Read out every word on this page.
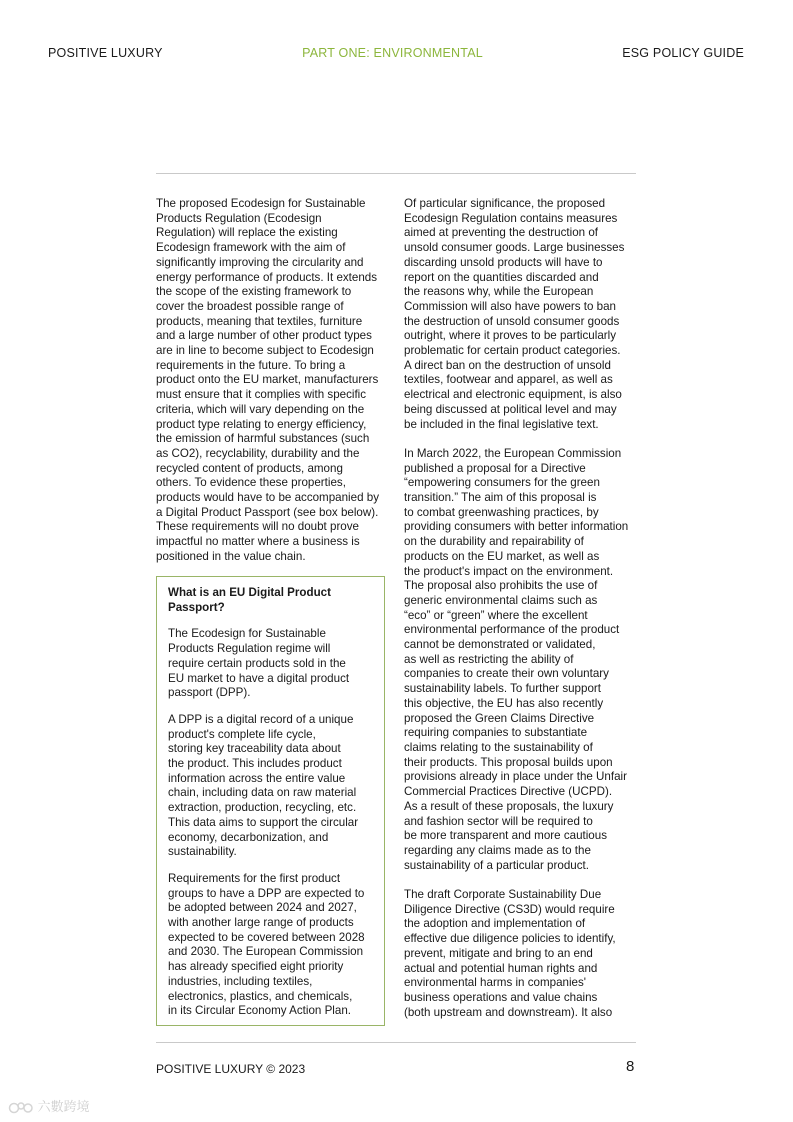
POSITIVE LUXURY	PART ONE: ENVIRONMENTAL	ESG POLICY GUIDE

The proposed Ecodesign for Sustainable
Products Regulation (Ecodesign
Regulation) will replace the existing
Ecodesign framework with the aim of
significantly improving the circularity and
energy performance of products. It extends
the scope of the existing framework to
cover the broadest possible range of
products, meaning that textiles, furniture
and a large number of other product types
are in line to become subject to Ecodesign
requirements in the future. To bring a
product onto the EU market, manufacturers
must ensure that it complies with specific
criteria, which will vary depending on the
product type relating to energy efficiency,
the emission of harmful substances (such
as CO2), recyclability, durability and the
recycled content of products, among
others. To evidence these properties,
products would have to be accompanied by
a Digital Product Passport (see box below).
These requirements will no doubt prove
impactful no matter where a business is
positioned in the value chain.

What is an EU Digital Product
Passport?

The Ecodesign for Sustainable
Products Regulation regime will
require certain products sold in the
EU market to have a digital product
passport (DPP).

A DPP is a digital record of a unique
product's complete life cycle,
storing key traceability data about
the product. This includes product
information across the entire value
chain, including data on raw material
extraction, production, recycling, etc.
This data aims to support the circular
economy, decarbonization, and
sustainability.

Requirements for the first product
groups to have a DPP are expected to
be adopted between 2024 and 2027,
with another large range of products
expected to be covered between 2028
and 2030. The European Commission
has already specified eight priority
industries, including textiles,
electronics, plastics, and chemicals,
in its Circular Economy Action Plan.

Of particular significance, the proposed
Ecodesign Regulation contains measures
aimed at preventing the destruction of
unsold consumer goods. Large businesses
discarding unsold products will have to
report on the quantities discarded and
the reasons why, while the European
Commission will also have powers to ban
the destruction of unsold consumer goods
outright, where it proves to be particularly
problematic for certain product categories.
A direct ban on the destruction of unsold
textiles, footwear and apparel, as well as
electrical and electronic equipment, is also
being discussed at political level and may
be included in the final legislative text.

In March 2022, the European Commission
published a proposal for a Directive
“empowering consumers for the green
transition.” The aim of this proposal is
to combat greenwashing practices, by
providing consumers with better information
on the durability and repairability of
products on the EU market, as well as
the product's impact on the environment.
The proposal also prohibits the use of
generic environmental claims such as
“eco” or “green” where the excellent
environmental performance of the product
cannot be demonstrated or validated,
as well as restricting the ability of
companies to create their own voluntary
sustainability labels. To further support
this objective, the EU has also recently
proposed the Green Claims Directive
requiring companies to substantiate
claims relating to the sustainability of
their products. This proposal builds upon
provisions already in place under the Unfair
Commercial Practices Directive (UCPD).
As a result of these proposals, the luxury
and fashion sector will be required to
be more transparent and more cautious
regarding any claims made as to the
sustainability of a particular product.

The draft Corporate Sustainability Due
Diligence Directive (CS3D) would require
the adoption and implementation of
effective due diligence policies to identify,
prevent, mitigate and bring to an end
actual and potential human rights and
environmental harms in companies'
business operations and value chains
(both upstream and downstream). It also

POSITIVE LUXURY © 2023	8
六數跨境
